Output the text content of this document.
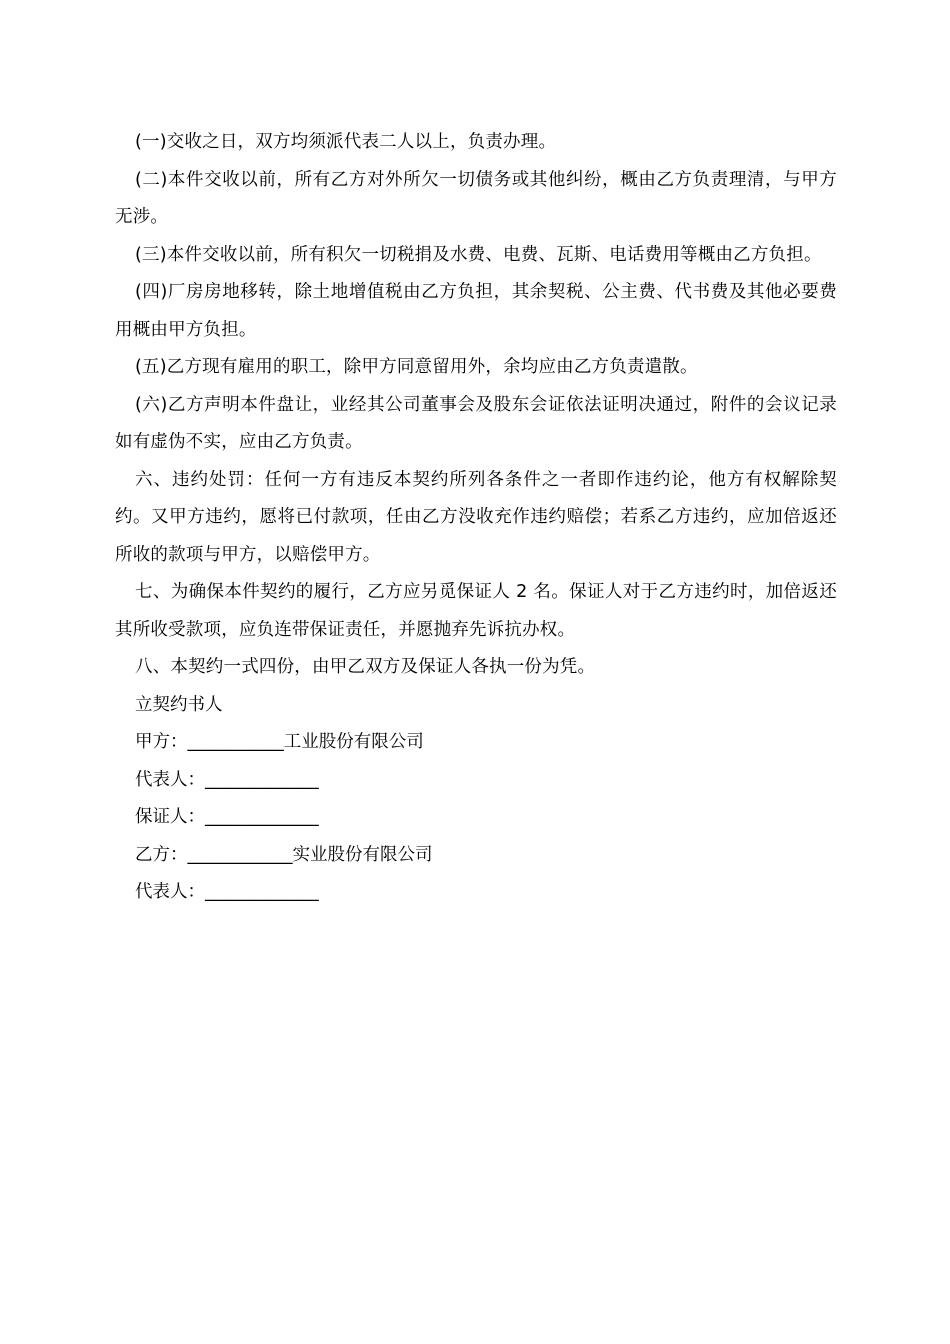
(一)交收之日，双方均须派代表二人以上，负责办理。

(二)本件交收以前，所有乙方对外所欠一切债务或其他纠纷，概由乙方负责理清，与甲方无涉。

(三)本件交收以前，所有积欠一切税捐及水费、电费、瓦斯、电话费用等概由乙方负担。

(四)厂房房地移转，除土地增值税由乙方负担，其余契税、公主费、代书费及其他必要费用概由甲方负担。

(五)乙方现有雇用的职工，除甲方同意留用外，余均应由乙方负责遣散。

(六)乙方声明本件盘让，业经其公司董事会及股东会证依法证明决通过，附件的会议记录如有虚伪不实，应由乙方负责。

六、违约处罚：任何一方有违反本契约所列各条件之一者即作违约论，他方有权解除契约。又甲方违约，愿将已付款项，任由乙方没收充作违约赔偿；若系乙方违约，应加倍返还所收的款项与甲方，以赔偿甲方。

七、为确保本件契约的履行，乙方应另觅保证人 2 名。保证人对于乙方违约时，加倍返还其所收受款项，应负连带保证责任，并愿抛弃先诉抗办权。

八、本契约一式四份，由甲乙双方及保证人各执一份为凭。

立契约书人

甲方：___________工业股份有限公司

代表人：_____________

保证人：_____________

乙方：____________实业股份有限公司

代表人：_____________
